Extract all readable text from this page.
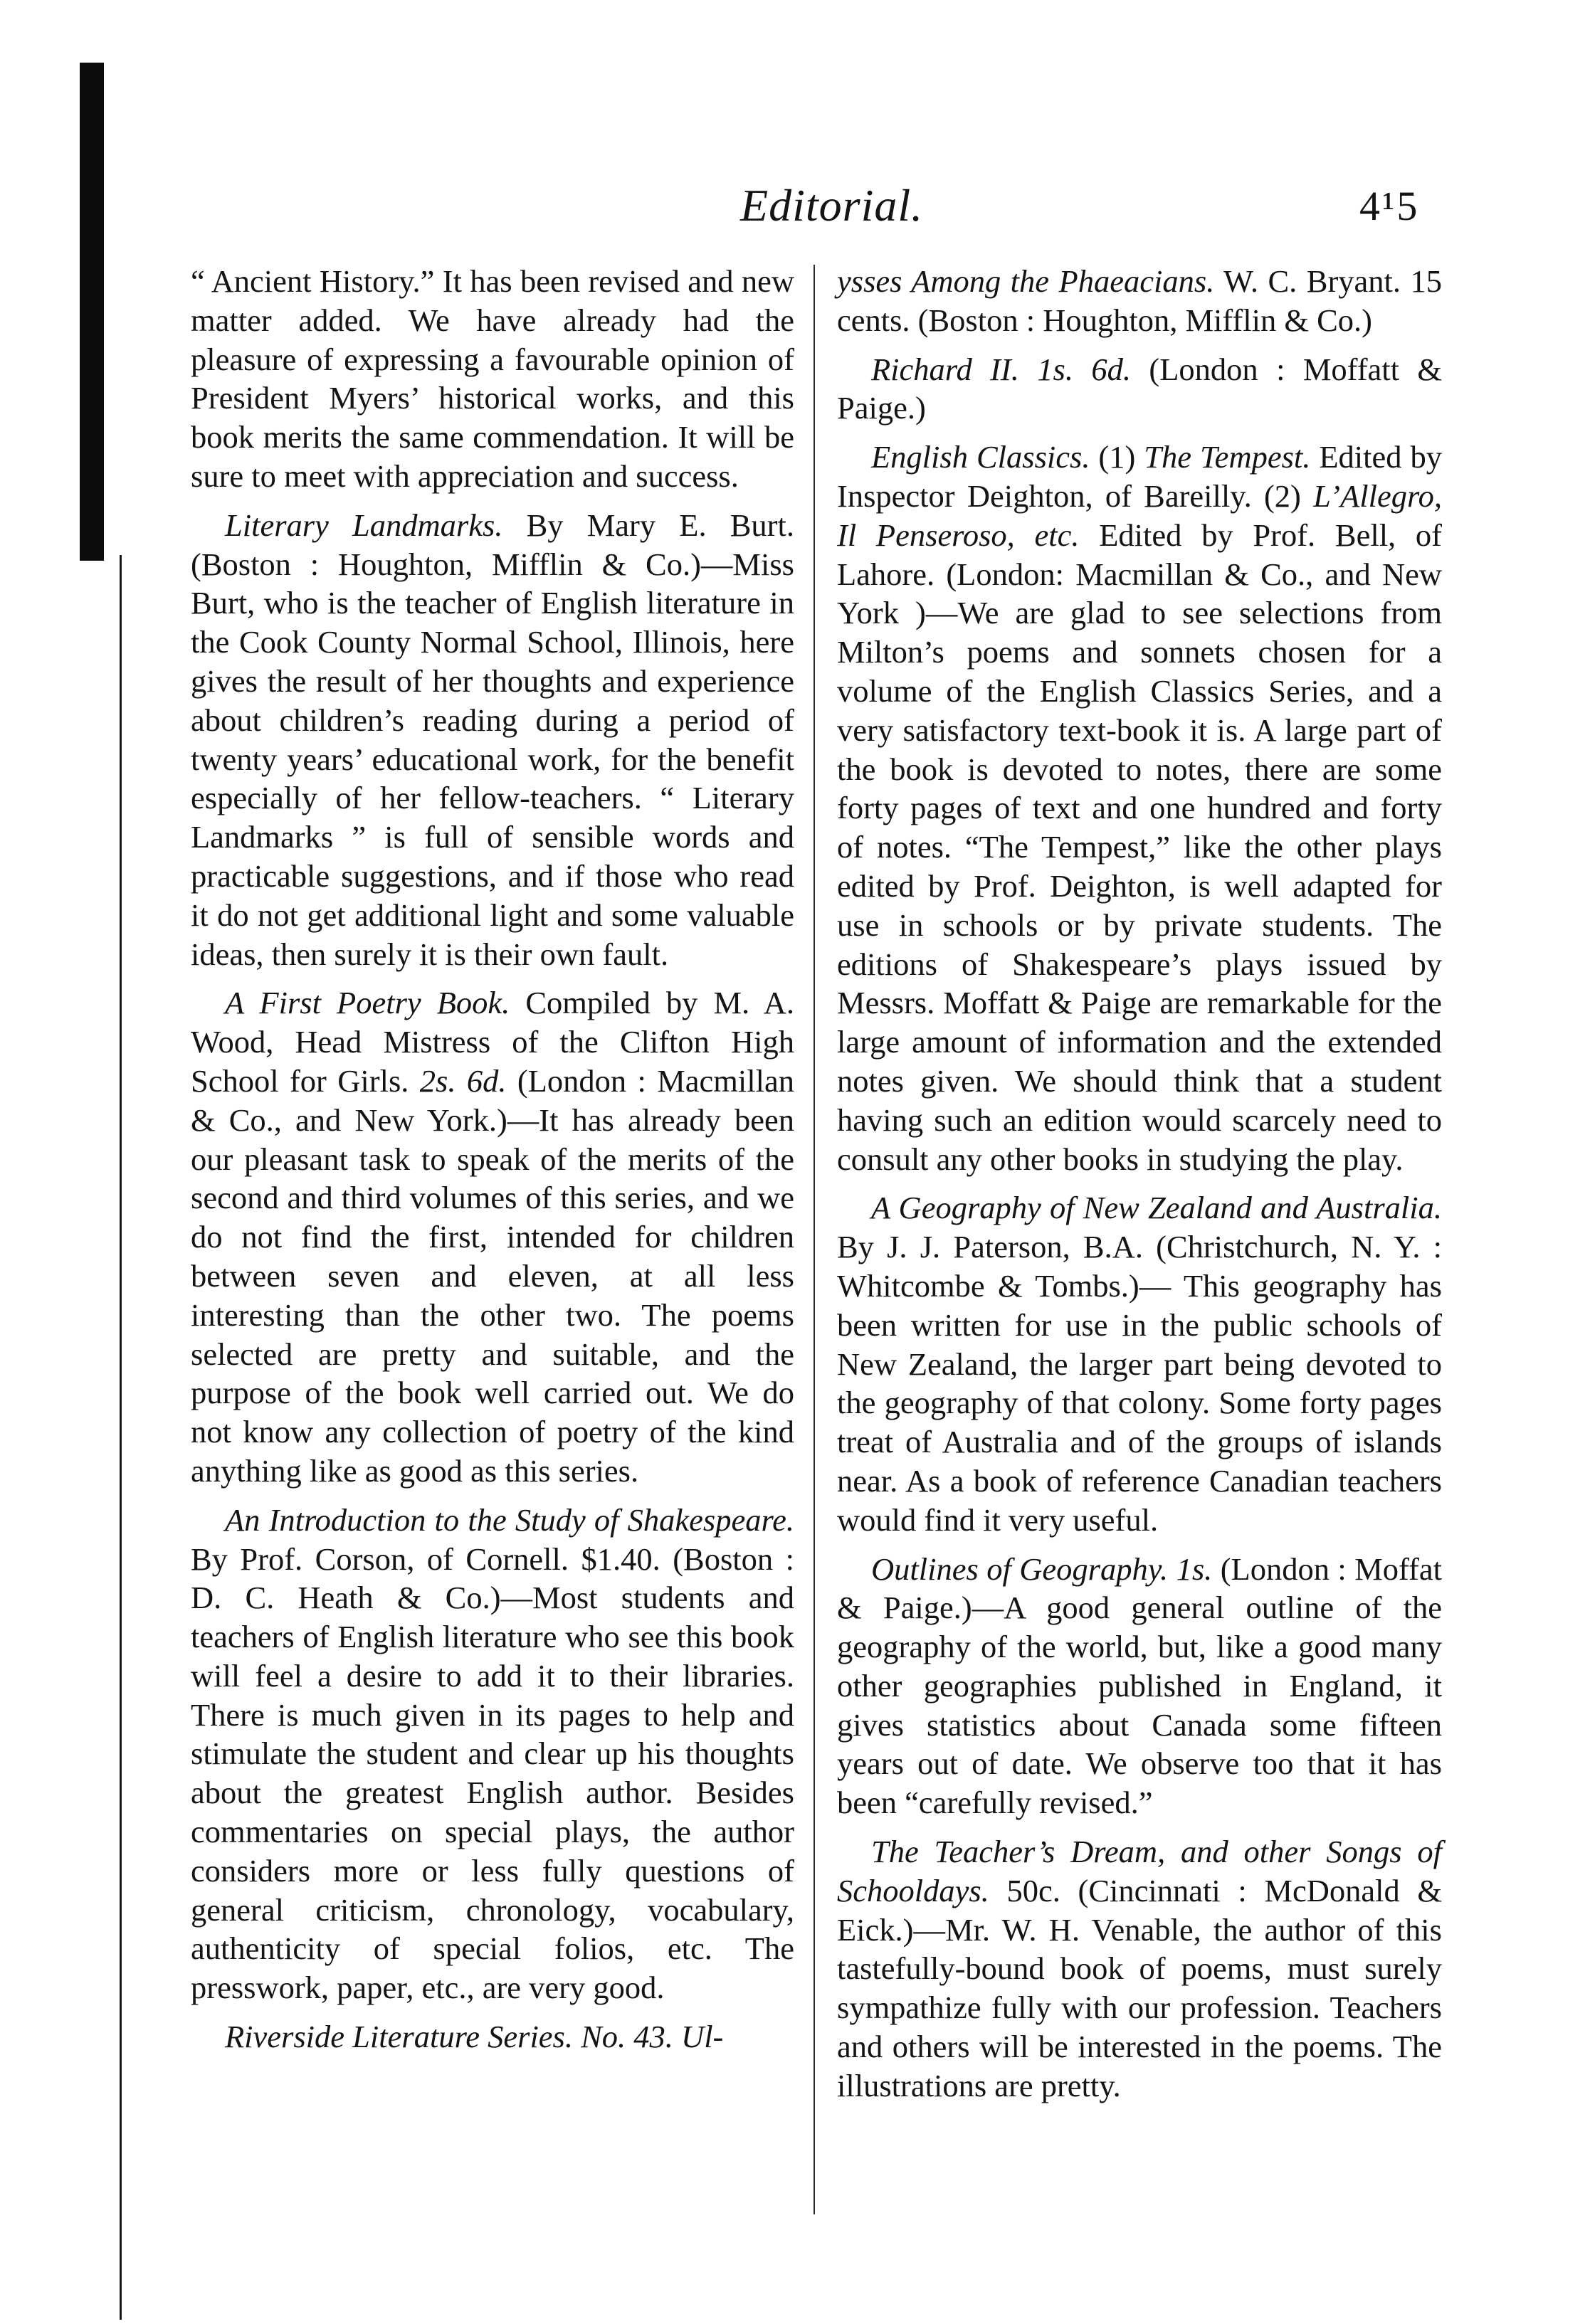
Editorial.	4¹5

“ Ancient History.” It has been revised and new matter added. We have already had the pleasure of expressing a favourable opinion of President Myers’ historical works, and this book merits the same commendation. It will be sure to meet with appreciation and success.

Literary Landmarks. By Mary E. Burt. (Boston : Houghton, Mifflin & Co.)—Miss Burt, who is the teacher of English literature in the Cook County Normal School, Illinois, here gives the result of her thoughts and experience about children’s reading during a period of twenty years’ educational work, for the benefit especially of her fellow-teachers. “ Literary Landmarks ” is full of sensible words and practicable suggestions, and if those who read it do not get additional light and some valuable ideas, then surely it is their own fault.

A First Poetry Book. Compiled by M. A. Wood, Head Mistress of the Clifton High School for Girls. 2s. 6d. (London : Macmillan & Co., and New York.)—It has already been our pleasant task to speak of the merits of the second and third volumes of this series, and we do not find the first, intended for children between seven and eleven, at all less interesting than the other two. The poems selected are pretty and suitable, and the purpose of the book well carried out. We do not know any collection of poetry of the kind anything like as good as this series.

An Introduction to the Study of Shakespeare. By Prof. Corson, of Cornell. $1.40. (Boston : D. C. Heath & Co.)—Most students and teachers of English literature who see this book will feel a desire to add it to their libraries. There is much given in its pages to help and stimulate the student and clear up his thoughts about the greatest English author. Besides commentaries on special plays, the author considers more or less fully questions of general criticism, chronology, vocabulary, authenticity of special folios, etc. The presswork, paper, etc., are very good.

Riverside Literature Series. No. 43. Ul-

ysses Among the Phaeacians. W. C. Bryant. 15 cents. (Boston : Houghton, Mifflin & Co.)

Richard II. 1s. 6d. (London : Moffatt & Paige.)

English Classics. (1) The Tempest. Edited by Inspector Deighton, of Bareilly. (2) L’Allegro, Il Penseroso, etc. Edited by Prof. Bell, of Lahore. (London: Macmillan & Co., and New York )—We are glad to see selections from Milton’s poems and sonnets chosen for a volume of the English Classics Series, and a very satisfactory text-book it is. A large part of the book is devoted to notes, there are some forty pages of text and one hundred and forty of notes. “The Tempest,” like the other plays edited by Prof. Deighton, is well adapted for use in schools or by private students. The editions of Shakespeare’s plays issued by Messrs. Moffatt & Paige are remarkable for the large amount of information and the extended notes given. We should think that a student having such an edition would scarcely need to consult any other books in studying the play.

A Geography of New Zealand and Australia. By J. J. Paterson, B.A. (Christchurch, N. Y. : Whitcombe & Tombs.)— This geography has been written for use in the public schools of New Zealand, the larger part being devoted to the geography of that colony. Some forty pages treat of Australia and of the groups of islands near. As a book of reference Canadian teachers would find it very useful.

Outlines of Geography. 1s. (London : Moffat & Paige.)—A good general outline of the geography of the world, but, like a good many other geographies published in England, it gives statistics about Canada some fifteen years out of date. We observe too that it has been “carefully revised.”

The Teacher’s Dream, and other Songs of Schooldays. 50c. (Cincinnati : McDonald & Eick.)—Mr. W. H. Venable, the author of this tastefully-bound book of poems, must surely sympathize fully with our profession. Teachers and others will be interested in the poems. The illustrations are pretty.
